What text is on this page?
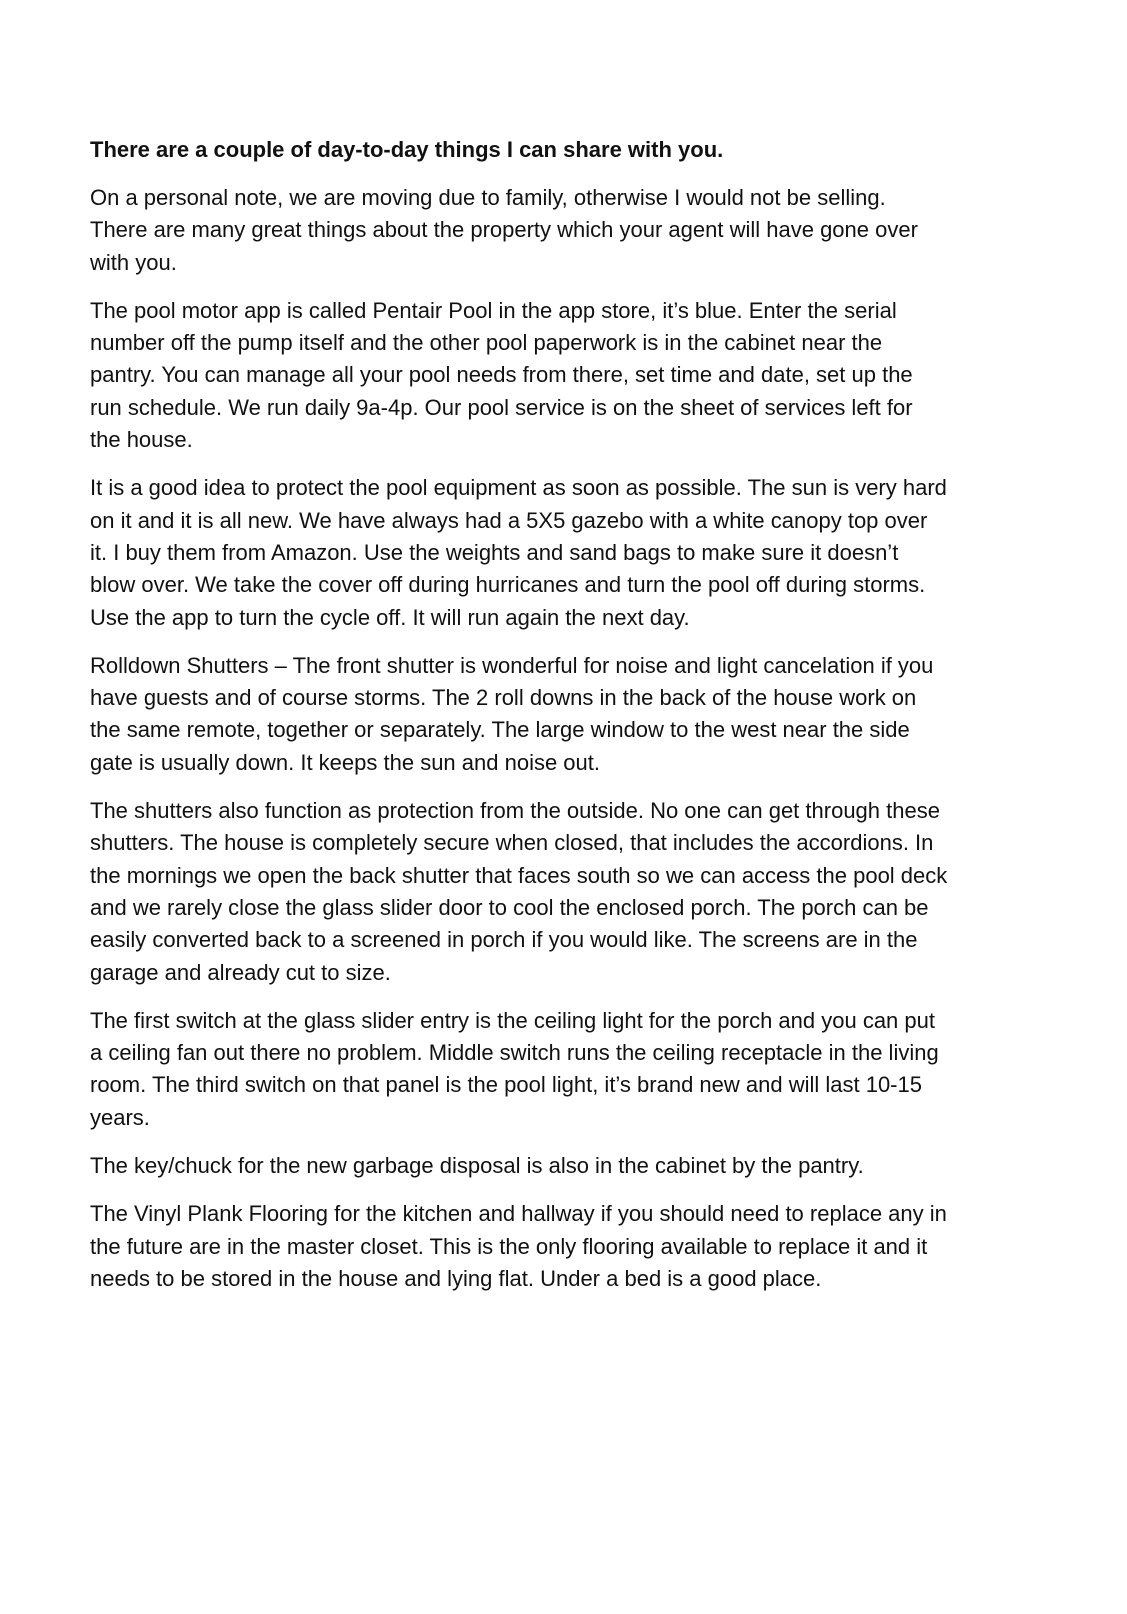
There are a couple of day-to-day things I can share with you.
On a personal note, we are moving due to family, otherwise I would not be selling.
There are many great things about the property which your agent will have gone over
with you.
The pool motor app is called Pentair Pool in the app store, it’s blue. Enter the serial
number off the pump itself and the other pool paperwork is in the cabinet near the
pantry. You can manage all your pool needs from there, set time and date, set up the
run schedule. We run daily 9a-4p. Our pool service is on the sheet of services left for
the house.
It is a good idea to protect the pool equipment as soon as possible. The sun is very hard
on it and it is all new. We have always had a 5X5 gazebo with a white canopy top over
it. I buy them from Amazon. Use the weights and sand bags to make sure it doesn’t
blow over. We take the cover off during hurricanes and turn the pool off during storms.
Use the app to turn the cycle off. It will run again the next day.
Rolldown Shutters – The front shutter is wonderful for noise and light cancelation if you
have guests and of course storms. The 2 roll downs in the back of the house work on
the same remote, together or separately. The large window to the west near the side
gate is usually down. It keeps the sun and noise out.
The shutters also function as protection from the outside. No one can get through these
shutters. The house is completely secure when closed, that includes the accordions. In
the mornings we open the back shutter that faces south so we can access the pool deck
and we rarely close the glass slider door to cool the enclosed porch. The porch can be
easily converted back to a screened in porch if you would like. The screens are in the
garage and already cut to size.
The first switch at the glass slider entry is the ceiling light for the porch and you can put
a ceiling fan out there no problem. Middle switch runs the ceiling receptacle in the living
room. The third switch on that panel is the pool light, it’s brand new and will last 10-15
years.
The key/chuck for the new garbage disposal is also in the cabinet by the pantry.
The Vinyl Plank Flooring for the kitchen and hallway if you should need to replace any in
the future are in the master closet. This is the only flooring available to replace it and it
needs to be stored in the house and lying flat. Under a bed is a good place.
